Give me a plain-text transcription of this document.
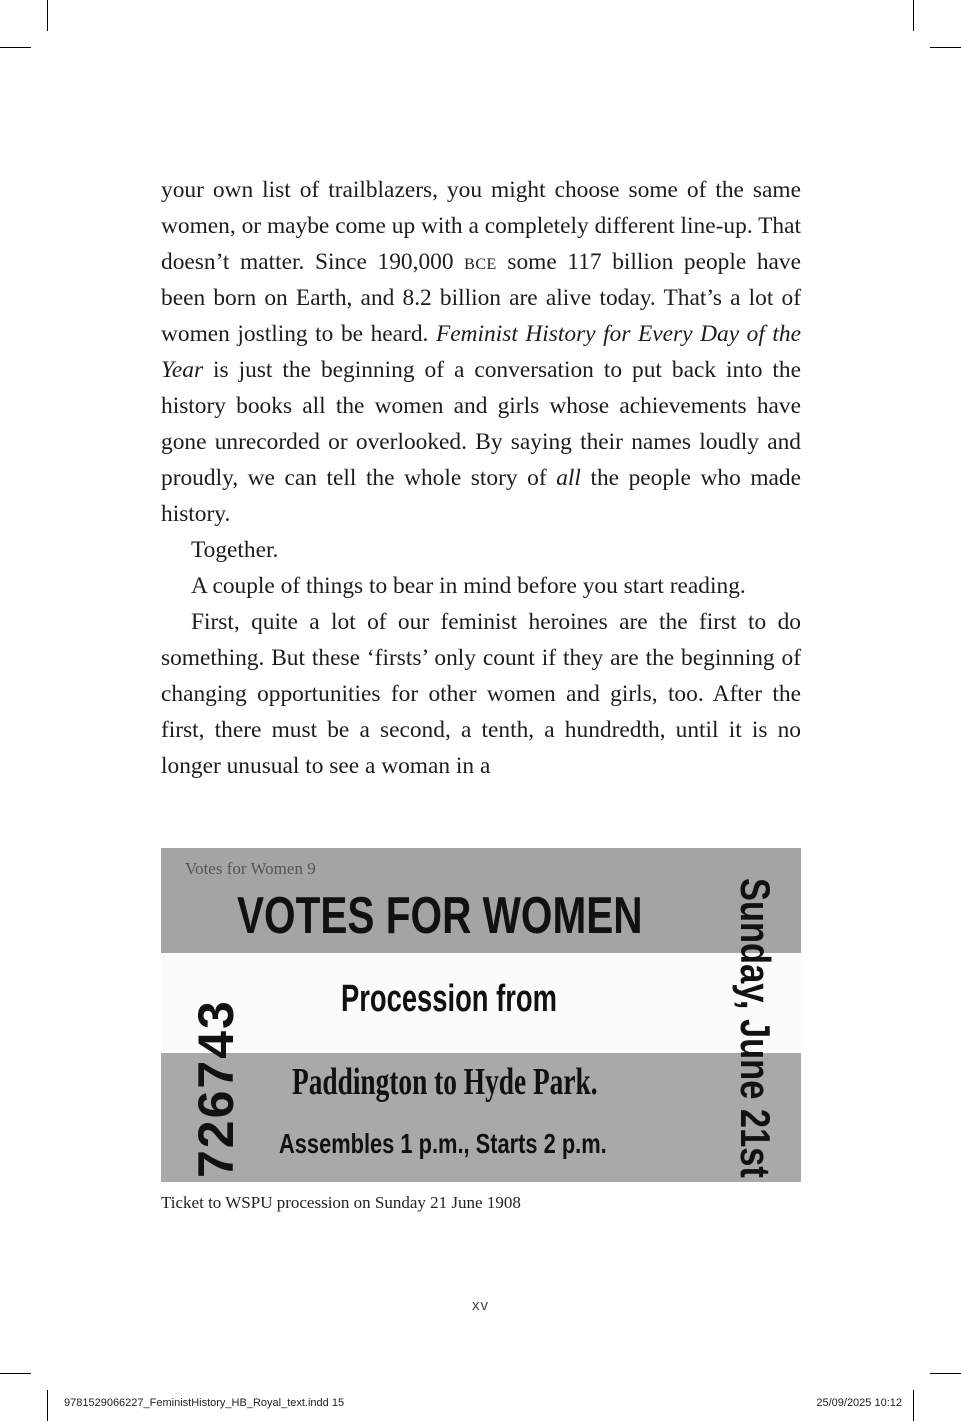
your own list of trailblazers, you might choose some of the same women, or maybe come up with a completely different line-up. That doesn’t matter. Since 190,000 bce some 117 billion people have been born on Earth, and 8.2 billion are alive today. That’s a lot of women jostling to be heard. Feminist History for Every Day of the Year is just the beginning of a conversation to put back into the history books all the women and girls whose achievements have gone unrecorded or overlooked. By saying their names loudly and proudly, we can tell the whole story of all the people who made history.

Together.

A couple of things to bear in mind before you start reading.

First, quite a lot of our feminist heroines are the first to do something. But these ‘firsts’ only count if they are the beginning of changing opportunities for other women and girls, too. After the first, there must be a second, a tenth, a hundredth, until it is no longer unusual to see a woman in a

Votes for Women 9
VOTES FOR WOMEN
Procession from
Paddington to Hyde Park.
Assembles 1 p.m., Starts 2 p.m.
726743	Sunday, June 21st
Ticket to WSPU procession on Sunday 21 June 1908
xv
9781529066227_FeministHistory_HB_Royal_text.indd 15	25/09/2025 10:12
